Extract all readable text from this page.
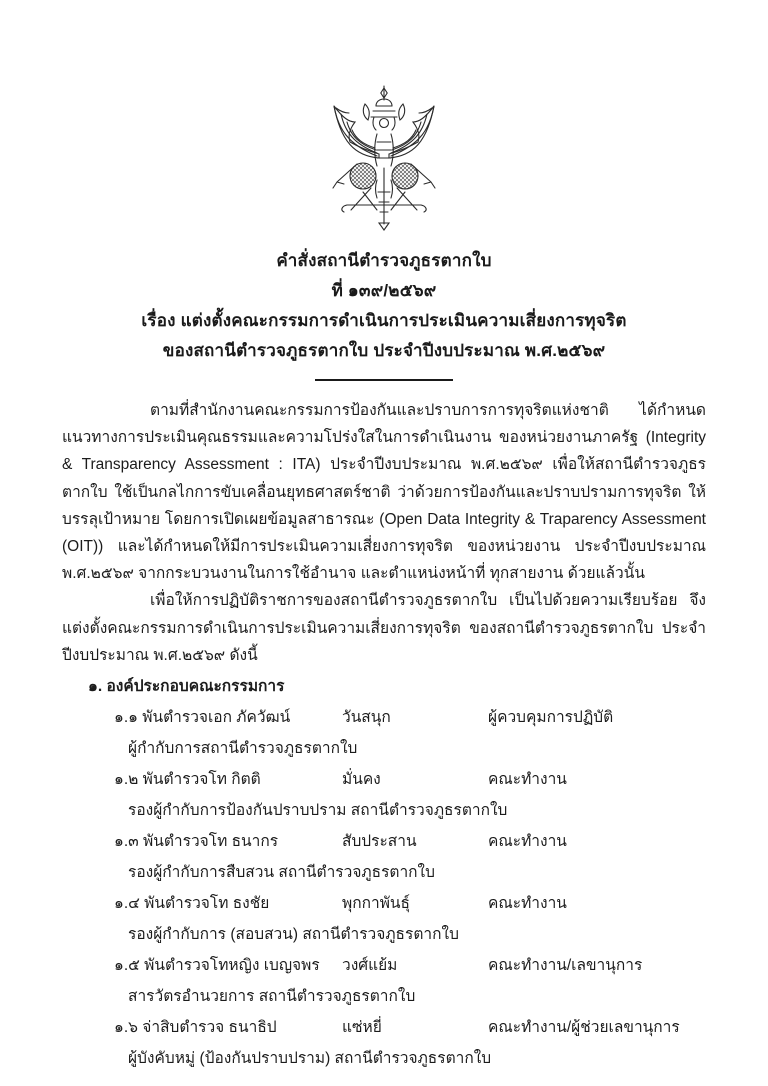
คำสั่งสถานีตำรวจภูธรตากใบ
ที่ ๑๓๙/๒๕๖๙
เรื่อง แต่งตั้งคณะกรรมการดำเนินการประเมินความเสี่ยงการทุจริต
ของสถานีตำรวจภูธรตากใบ ประจำปีงบประมาณ พ.ศ.๒๕๖๙

ตามที่สำนักงานคณะกรรมการป้องกันและปราบการการทุจริตแห่งชาติ ได้กำหนดแนวทางการประเมินคุณธรรมและความโปร่งใสในการดำเนินงาน ของหน่วยงานภาครัฐ (Integrity & Transparency Assessment : ITA) ประจำปีงบประมาณ พ.ศ.๒๕๖๙ เพื่อให้สถานีตำรวจภูธรตากใบ ใช้เป็นกลไกการขับเคลื่อนยุทธศาสตร์ชาติ ว่าด้วยการป้องกันและปราบปรามการทุจริต ให้บรรลุเป้าหมาย โดยการเปิดเผยข้อมูลสาธารณะ (Open Data Integrity & Traparency Assessment (OIT)) และได้กำหนดให้มีการประเมินความเสี่ยงการทุจริต ของหน่วยงาน ประจำปีงบประมาณ พ.ศ.๒๕๖๙ จากกระบวนงานในการใช้อำนาจ และตำแหน่งหน้าที่ ทุกสายงาน ด้วยแล้วนั้น

เพื่อให้การปฏิบัติราชการของสถานีตำรวจภูธรตากใบ เป็นไปด้วยความเรียบร้อย จึงแต่งตั้งคณะกรรมการดำเนินการประเมินความเสี่ยงการทุจริต ของสถานีตำรวจภูธรตากใบ ประจำปีงบประมาณ พ.ศ.๒๕๖๙ ดังนี้

๑. องค์ประกอบคณะกรรมการ
๑.๑ พันตำรวจเอก ภัควัฒน์	วันสนุก	ผู้ควบคุมการปฏิบัติ
ผู้กำกับการสถานีตำรวจภูธรตากใบ
๑.๒ พันตำรวจโท กิตติ	มั่นคง	คณะทำงาน
รองผู้กำกับการป้องกันปราบปราม สถานีตำรวจภูธรตากใบ
๑.๓ พันตำรวจโท ธนากร	สับประสาน	คณะทำงาน
รองผู้กำกับการสืบสวน สถานีตำรวจภูธรตากใบ
๑.๔ พันตำรวจโท ธงชัย	พุกกาพันธุ์	คณะทำงาน
รองผู้กำกับการ (สอบสวน) สถานีตำรวจภูธรตากใบ
๑.๕ พันตำรวจโทหญิง เบญจพร	วงศ์แย้ม	คณะทำงาน/เลขานุการ
สารวัตรอำนวยการ สถานีตำรวจภูธรตากใบ
๑.๖ จ่าสิบตำรวจ ธนาธิป	แซ่หยี่	คณะทำงาน/ผู้ช่วยเลขานุการ
ผู้บังคับหมู่ (ป้องกันปราบปราม) สถานีตำรวจภูธรตากใบ
